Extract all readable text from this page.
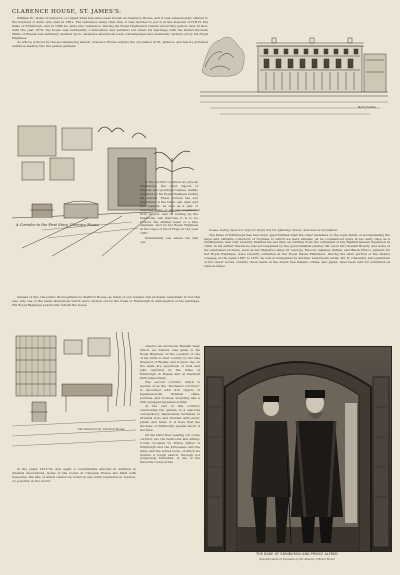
CLARENCE HOUSE, ST. JAMES'S.

William IV., Duke of Clarence, occupied what has since been known as Clarence House, and it was subsequently offered to the Duchess of Kent, who died in 1861. The residence being then free, it was decided to put it at the disposal of H.R.H. the Duke of Edinburgh, and in 1866 he came into residence. During his Royal Highness's travels about this period, and, in fact, until the year 1874, the house was sufficiently commodious and suitable; but when his marriage with the Grand Duchess Marie of Russia was definitely decided upon, extensive alterations were contemplated and eventually carried out by his Royal Highness.

As will be noticed by the accompanying sketch, Clarence House adjoins the old palace at St. James's, and has its principal entrance leading into the palace gardens

Harry Furniss
A Corridor to the First Story, Clarence House

In the corridor of which we give an illustration, the chief objects of interest are sporting trophies, mainly acquired by his Royal Highness during his travels. These include the lost specimens of the bison, elk, deer, and the chamois, as well as a pair of elephant tusks of unusual magnitude from Ceylon; and on looking up the handsome oak staircase it is to be noticed the stuffed head of a fine elephant, shot by his Royal Highness at the Cape of Good Hope in the year 1867.

Immediately one enters the hall one

house, being used not only for study but for painting, music, and indoor recreation.

The Duke of Edinburgh has had more opportunities than the other members of the royal family of accumulating the large and valuable collection of trophies to which we have alluded, as he commenced quite in his early days as a midshipman, and only recently finished his sea time on retiring from the command of the Mediterranean Squadron in 1890. In his earlier travels he was accompanied by the governmental painter, Mr. (now Sir) Oswald Brierly, and some of his celebrated pictures, such as her Majesty's ships St. George, Racoon, Galatea, Sultan, and Black Prince, painted for her Royal Highness, were recently exhibited at the Royal Naval Exhibition. During the later portion of the Duke's voyages, in the years 1867 to 1872, he was accompanied by another well-known artist, Mr. N. Chevalier, and quantities of his clever works, notably those made in the South Sea Islands, China, and Japan, have been lent for exhibition at various times.

instead of into the public thoroughfare by Stafford House, as many of our readers will probably remember it; but this was only one of the many alterations which were carried out by the Duke of Edinburgh in anticipation of his marriage. His Royal Highness practically rebuilt the house

The School-room, Clarence House

in the years 1873-74, and spent a considerable amount in addition in internal decorations. Some of the rooms at Clarence House are filled with treasures, the like of which cannot be found in any other residence in London, or, possibly, in the world.

observe an enormous Russian bear, which, we believe, was given to his Royal Highness on the occasion of one of his visits to that country by the late Emperor of Russia; and it gives one, on the walls are specimens of tusk and pike captured by the Duke of Edinburgh in Russia and at Eastwell Park respectively.

The second corridor, which is spoken of as the "Duchess's Corridor," is decorated with rich objects of Japanese-work, Oriental china, pictures, and bronzes, including also a fully equipped Japanese soldier.

At the end of this corridor, overlooking the garden, is a spacious conservatory, handsomely furnished in Oriental style and studded with exotic plants and ferns. It is here that the Duchess of Edinburgh spends much of her time.

On the third floor, leading out of the corridor, are the bedrooms and sitting-rooms occupied by Prince Alfred of Edinburgh and the Princesses and the suite; and the school-room, of which we include a rough sketch, through not gorgeously furnished, is one of the favourite rooms in the

THE DUKE OF EDINBURGH AND PRINCE ALFRED
Specially taken at Exposure by Mr. Russell, of Baker Street
